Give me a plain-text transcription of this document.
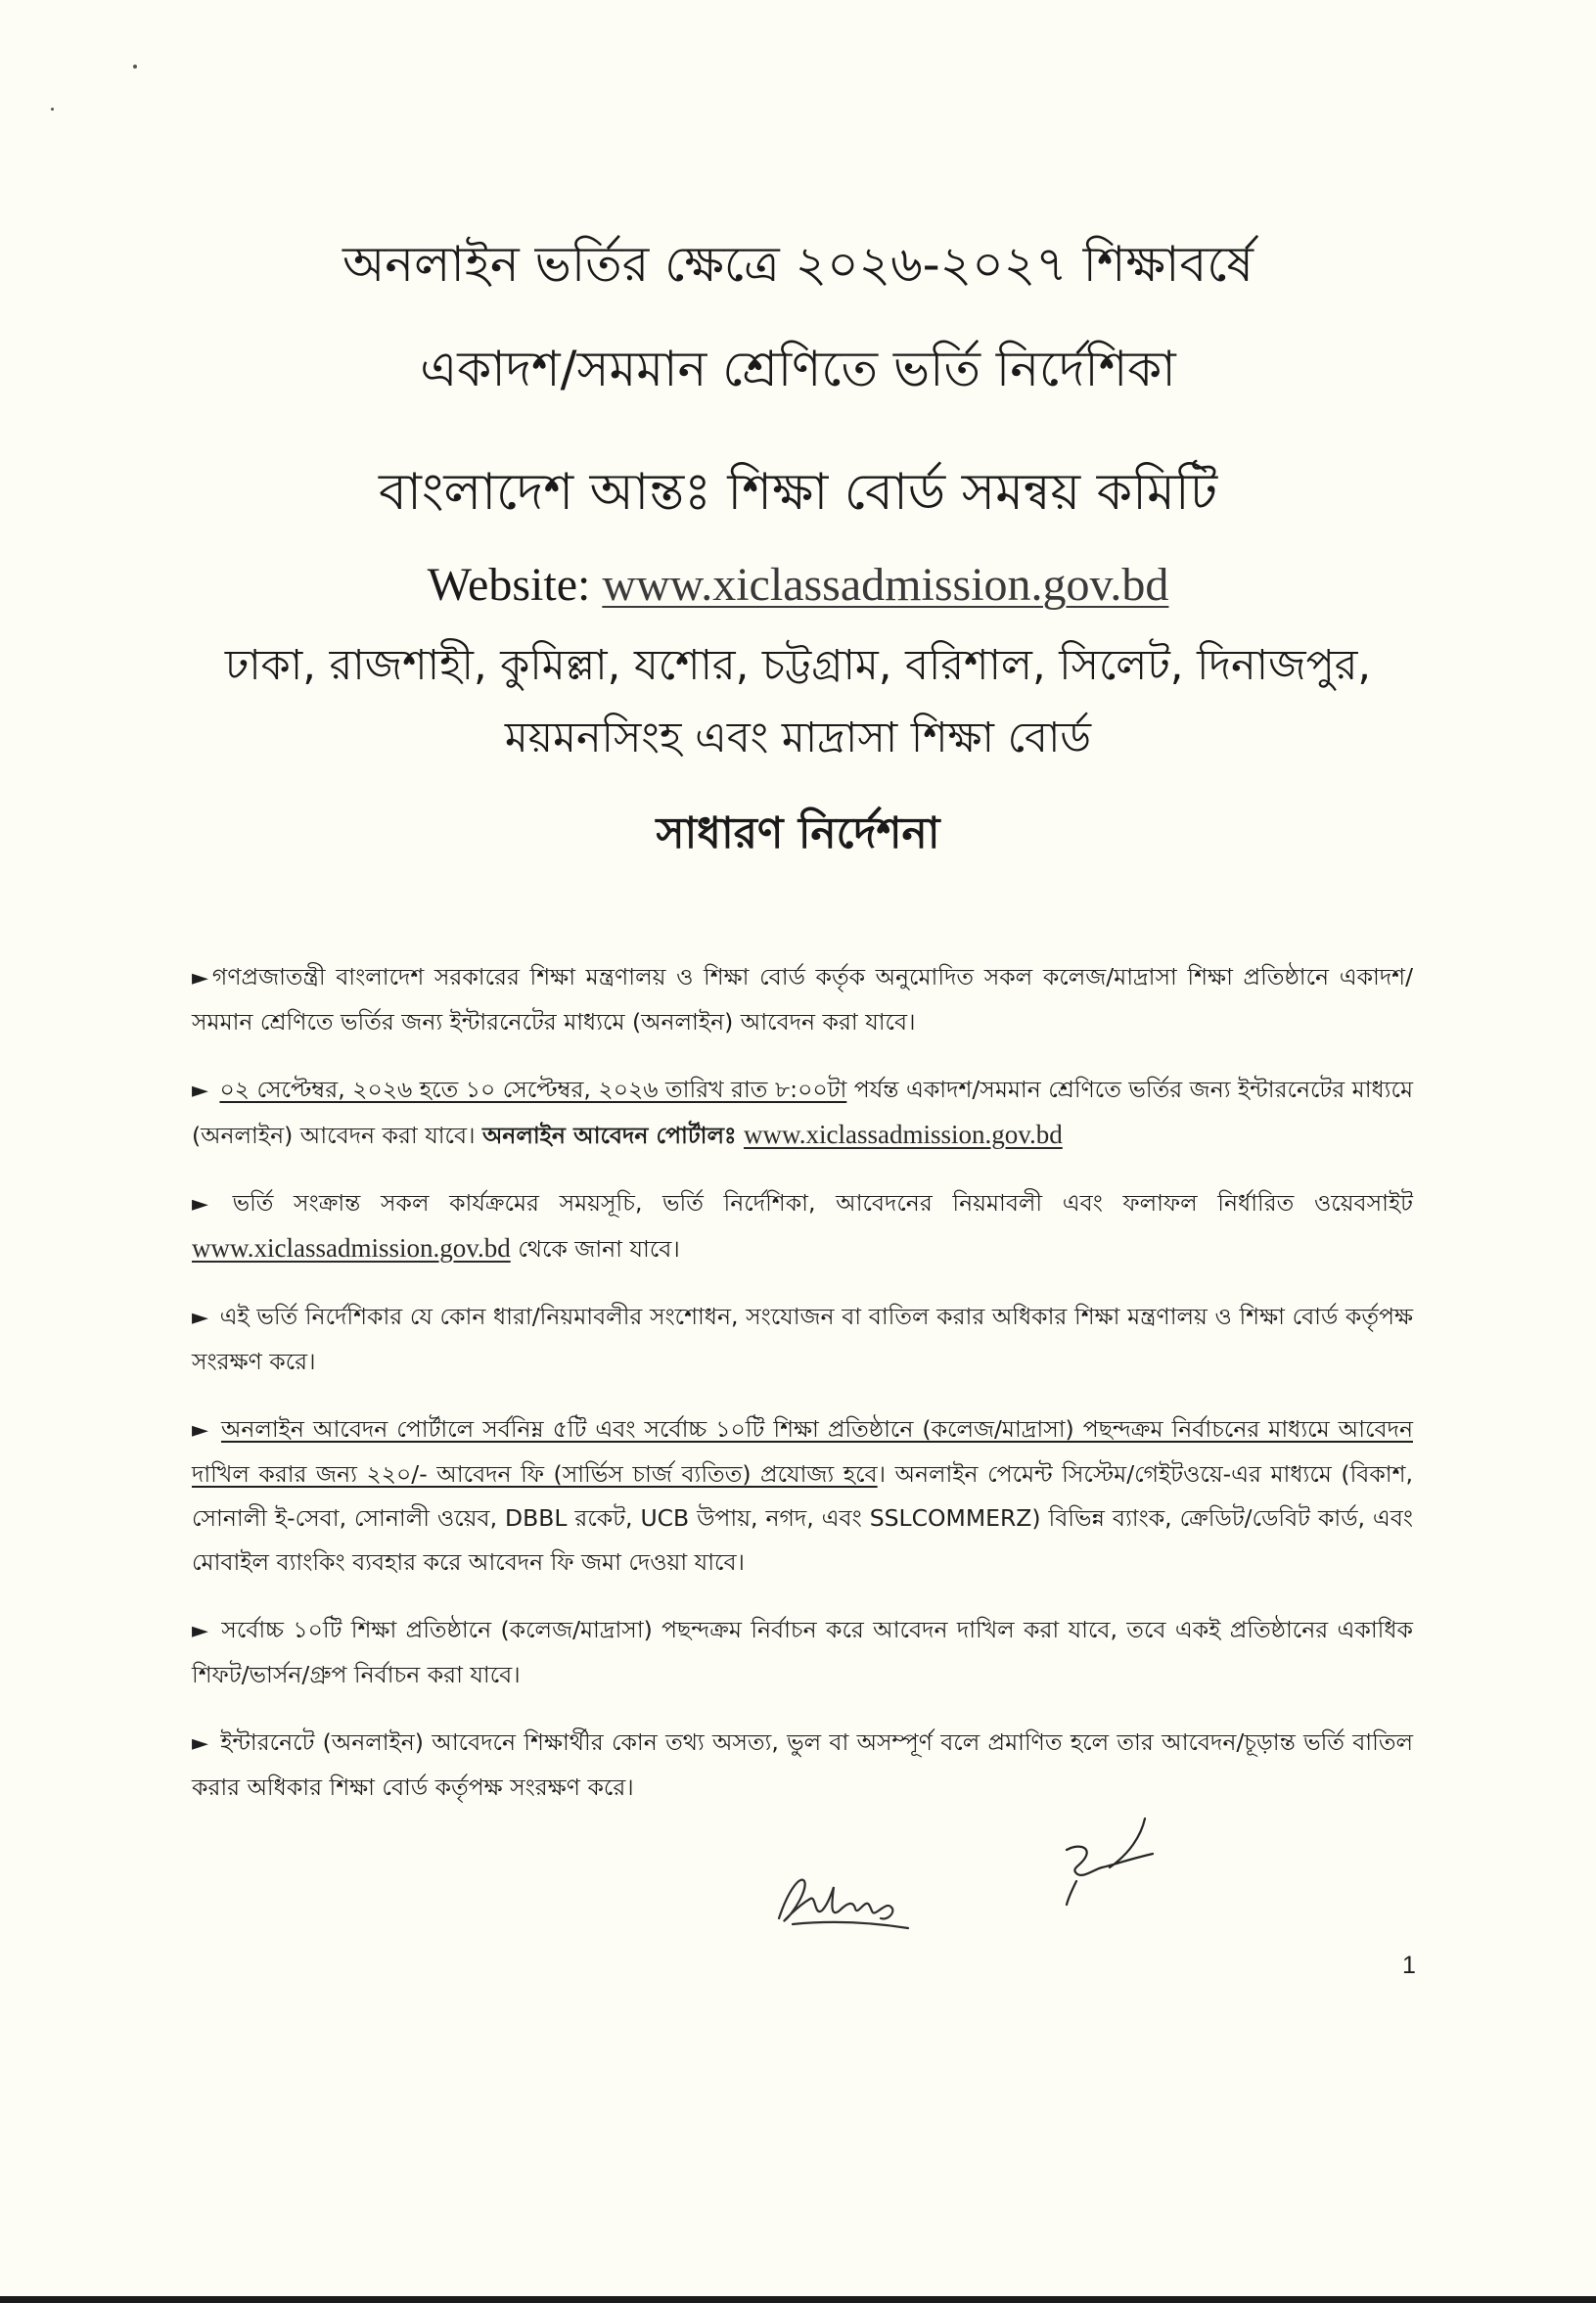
অনলাইন ভর্তির ক্ষেত্রে ২০২৬-২০২৭ শিক্ষাবর্ষে
একাদশ/সমমান শ্রেণিতে ভর্তি নির্দেশিকা
বাংলাদেশ আন্তঃ শিক্ষা বোর্ড সমন্বয় কমিটি
Website: www.xiclassadmission.gov.bd
ঢাকা, রাজশাহী, কুমিল্লা, যশোর, চট্টগ্রাম, বরিশাল, সিলেট, দিনাজপুর,
ময়মনসিংহ এবং মাদ্রাসা শিক্ষা বোর্ড
সাধারণ নির্দেশনা

► গণপ্রজাতন্ত্রী বাংলাদেশ সরকারের শিক্ষা মন্ত্রণালয় ও শিক্ষা বোর্ড কর্তৃক অনুমোদিত সকল কলেজ/মাদ্রাসা শিক্ষা প্রতিষ্ঠানে একাদশ/সমমান শ্রেণিতে ভর্তির জন্য ইন্টারনেটের মাধ্যমে (অনলাইন) আবেদন করা যাবে।

► ০২ সেপ্টেম্বর, ২০২৬ হতে ১০ সেপ্টেম্বর, ২০২৬ তারিখ রাত ৮:০০টা পর্যন্ত একাদশ/সমমান শ্রেণিতে ভর্তির জন্য ইন্টারনেটের মাধ্যমে (অনলাইন) আবেদন করা যাবে। অনলাইন আবেদন পোর্টালঃ www.xiclassadmission.gov.bd

► ভর্তি সংক্রান্ত সকল কার্যক্রমের সময়সূচি, ভর্তি নির্দেশিকা, আবেদনের নিয়মাবলী এবং ফলাফল নির্ধারিত ওয়েবসাইট www.xiclassadmission.gov.bd থেকে জানা যাবে।

► এই ভর্তি নির্দেশিকার যে কোন ধারা/নিয়মাবলীর সংশোধন, সংযোজন বা বাতিল করার অধিকার শিক্ষা মন্ত্রণালয় ও শিক্ষা বোর্ড কর্তৃপক্ষ সংরক্ষণ করে।

► অনলাইন আবেদন পোর্টালে সর্বনিম্ন ৫টি এবং সর্বোচ্চ ১০টি শিক্ষা প্রতিষ্ঠানে (কলেজ/মাদ্রাসা) পছন্দক্রম নির্বাচনের মাধ্যমে আবেদন দাখিল করার জন্য ২২০/- আবেদন ফি (সার্ভিস চার্জ ব্যতিত) প্রযোজ্য হবে। অনলাইন পেমেন্ট সিস্টেম/গেইটওয়ে-এর মাধ্যমে (বিকাশ, সোনালী ই-সেবা, সোনালী ওয়েব, DBBL রকেট, UCB উপায়, নগদ, এবং SSLCOMMERZ) বিভিন্ন ব্যাংক, ক্রেডিট/ডেবিট কার্ড, এবং মোবাইল ব্যাংকিং ব্যবহার করে আবেদন ফি জমা দেওয়া যাবে।

► সর্বোচ্চ ১০টি শিক্ষা প্রতিষ্ঠানে (কলেজ/মাদ্রাসা) পছন্দক্রম নির্বাচন করে আবেদন দাখিল করা যাবে, তবে একই প্রতিষ্ঠানের একাধিক শিফট/ভার্সন/গ্রুপ নির্বাচন করা যাবে।

► ইন্টারনেটে (অনলাইন) আবেদনে শিক্ষার্থীর কোন তথ্য অসত্য, ভুল বা অসম্পূর্ণ বলে প্রমাণিত হলে তার আবেদন/চূড়ান্ত ভর্তি বাতিল করার অধিকার শিক্ষা বোর্ড কর্তৃপক্ষ সংরক্ষণ করে।

1
